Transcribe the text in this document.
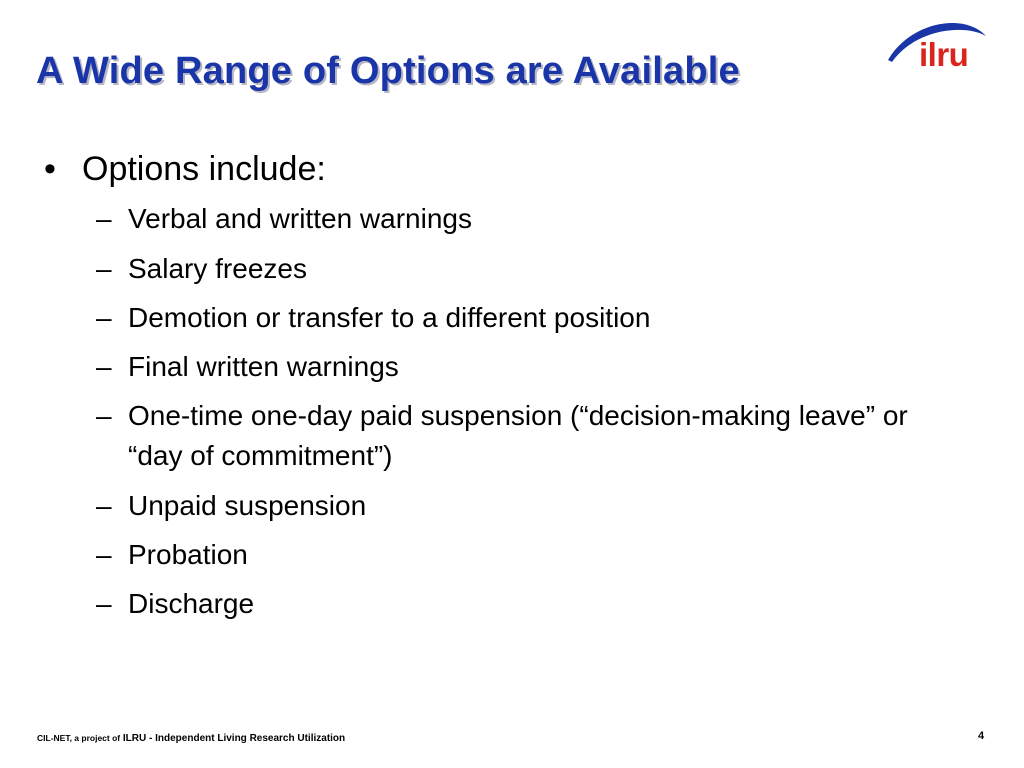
A Wide Range of Options are Available	ilru
• Options include:
– Verbal and written warnings
– Salary freezes
– Demotion or transfer to a different position
– Final written warnings
– One-time one-day paid suspension (“decision-making leave” or “day of commitment”)
– Unpaid suspension
– Probation
– Discharge
CIL-NET, a project of ILRU - Independent Living Research Utilization	4
